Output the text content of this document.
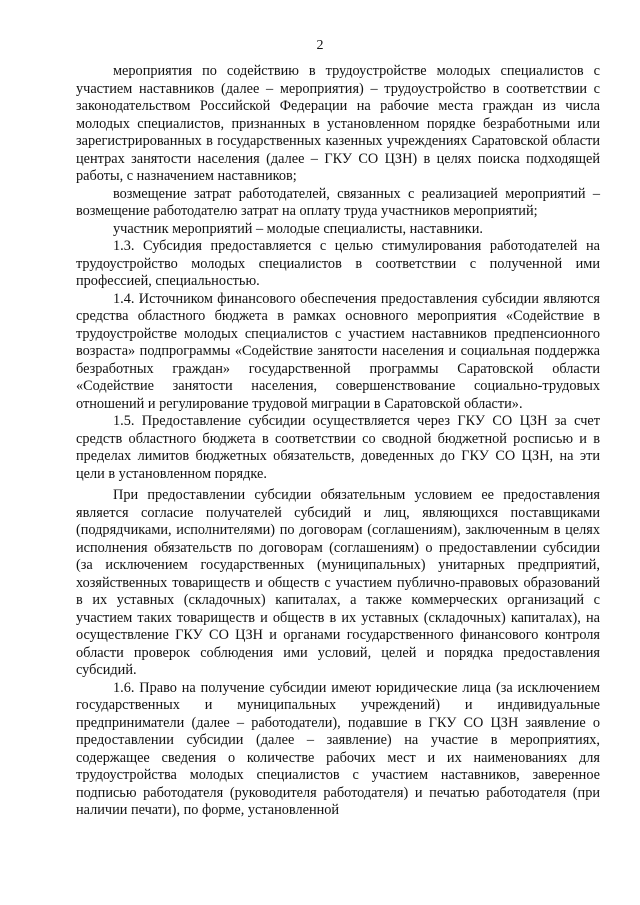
2

мероприятия по содействию в трудоустройстве молодых специалистов с участием наставников (далее – мероприятия) – трудоустройство в соответствии с законодательством Российской Федерации на рабочие места граждан из числа молодых специалистов, признанных в установленном порядке безработными или зарегистрированных в государственных казенных учреждениях Саратовской области центрах занятости населения (далее – ГКУ СО ЦЗН) в целях поиска подходящей работы, с назначением наставников;

возмещение затрат работодателей, связанных с реализацией мероприятий – возмещение работодателю затрат на оплату труда участников мероприятий;

участник мероприятий – молодые специалисты, наставники.

1.3. Субсидия предоставляется с целью стимулирования работодателей на трудоустройство молодых специалистов в соответствии с полученной ими профессией, специальностью.

1.4. Источником финансового обеспечения предоставления субсидии являются средства областного бюджета в рамках основного мероприятия «Содействие в трудоустройстве молодых специалистов с участием наставников предпенсионного возраста» подпрограммы «Содействие занятости населения и социальная поддержка безработных граждан» государственной программы Саратовской области «Содействие занятости населения, совершенствование социально-трудовых отношений и регулирование трудовой миграции в Саратовской области».

1.5. Предоставление субсидии осуществляется через ГКУ СО ЦЗН за счет средств областного бюджета в соответствии со сводной бюджетной росписью и в пределах лимитов бюджетных обязательств, доведенных до ГКУ СО ЦЗН, на эти цели в установленном порядке.

При предоставлении субсидии обязательным условием ее предоставления является согласие получателей субсидий и лиц, являющихся поставщиками (подрядчиками, исполнителями) по договорам (соглашениям), заключенным в целях исполнения обязательств по договорам (соглашениям) о предоставлении субсидии (за исключением государственных (муниципальных) унитарных предприятий, хозяйственных товариществ и обществ с участием публично-правовых образований в их уставных (складочных) капиталах, а также коммерческих организаций с участием таких товариществ и обществ в их уставных (складочных) капиталах), на осуществление ГКУ СО ЦЗН и органами государственного финансового контроля области проверок соблюдения ими условий, целей и порядка предоставления субсидий.

1.6. Право на получение субсидии имеют юридические лица (за исключением государственных и муниципальных учреждений) и индивидуальные предприниматели (далее – работодатели), подавшие в ГКУ СО ЦЗН заявление о предоставлении субсидии (далее – заявление) на участие в мероприятиях, содержащее сведения о количестве рабочих мест и их наименованиях для трудоустройства молодых специалистов с участием наставников, заверенное подписью работодателя (руководителя работодателя) и печатью работодателя (при наличии печати), по форме, установленной
